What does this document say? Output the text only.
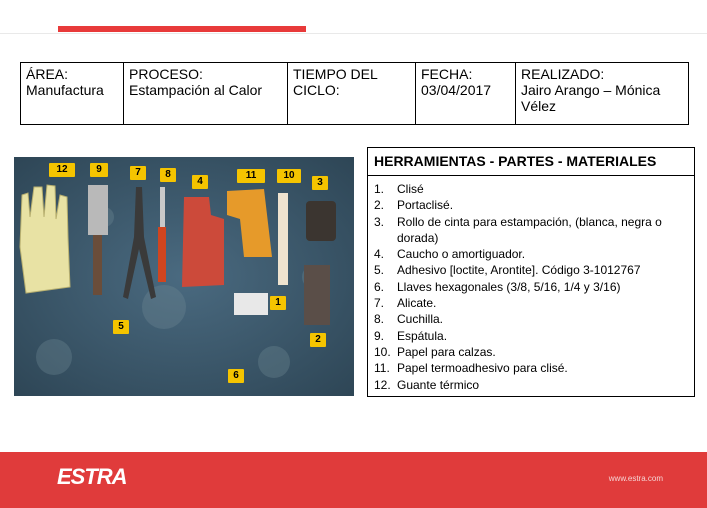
ÁREA:
Manufactura

PROCESO:
Estampación al Calor

TIEMPO DEL CICLO:

FECHA:
03/04/2017

REALIZADO:
Jairo Arango – Mónica Vélez
12	9	7	8
4
11	10
3
1
2
5
6
HERRAMIENTAS - PARTES - MATERIALES
1.	Clisé
2.	Portaclisé.
3.	Rollo de cinta para estampación, (blanca, negra o dorada)
4.	Caucho o amortiguador.
5.	Adhesivo [loctite, Arontite]. Código 3-1012767
6.	Llaves hexagonales (3/8, 5/16, 1/4 y 3/16)
7.	Alicate.
8.	Cuchilla.
9.	Espátula.
10. Papel para calzas.
11. Papel termoadhesivo para clisé.
12. Guante térmico
ESTRA	www.estra.com
